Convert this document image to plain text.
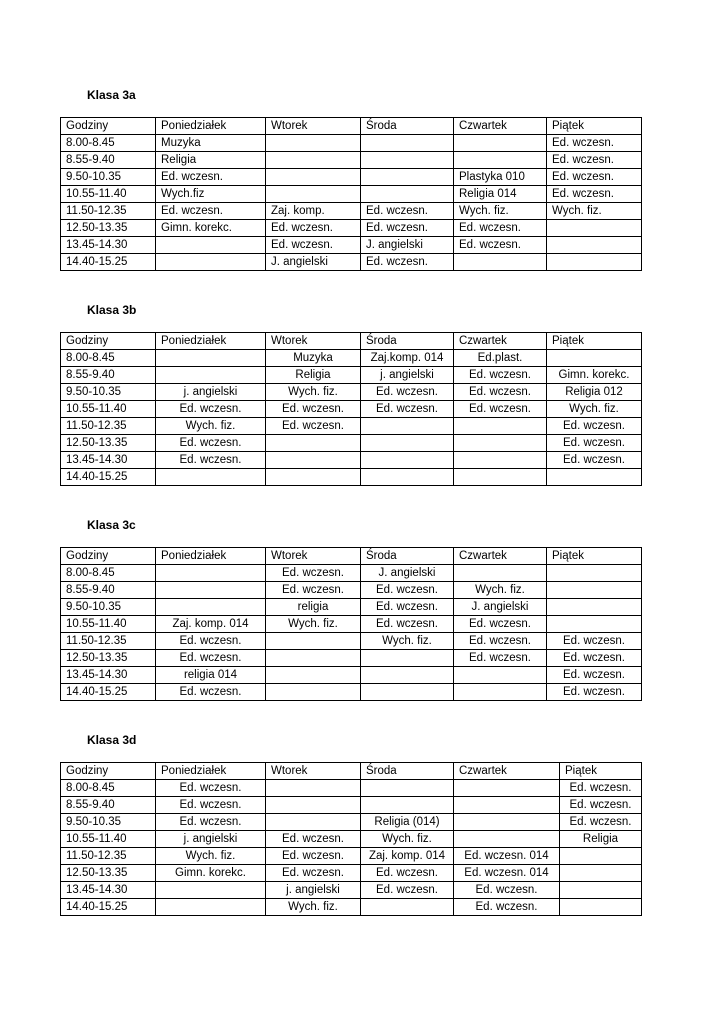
Klasa 3a
Godziny	Poniedziałek	Wtorek	Środa	Czwartek	Piątek
8.00-8.45	Muzyka				Ed. wczesn.
8.55-9.40	Religia				Ed. wczesn.
9.50-10.35	Ed. wczesn.			Plastyka 010	Ed. wczesn.
10.55-11.40	Wych.fiz			Religia 014	Ed. wczesn.
11.50-12.35	Ed. wczesn.	Zaj. komp.	Ed. wczesn.	Wych. fiz.	Wych. fiz.
12.50-13.35	Gimn. korekc.	Ed. wczesn.	Ed. wczesn.	Ed. wczesn.	
13.45-14.30		Ed. wczesn.	J. angielski	Ed. wczesn.	
14.40-15.25		J. angielski	Ed. wczesn.		
Klasa 3b
Godziny	Poniedziałek	Wtorek	Środa	Czwartek	Piątek
8.00-8.45		Muzyka	Zaj.komp. 014	Ed.plast.	
8.55-9.40		Religia	j. angielski	Ed. wczesn.	Gimn. korekc.
9.50-10.35	j. angielski	Wych. fiz.	Ed. wczesn.	Ed. wczesn.	Religia 012
10.55-11.40	Ed. wczesn.	Ed. wczesn.	Ed. wczesn.	Ed. wczesn.	Wych. fiz.
11.50-12.35	Wych. fiz.	Ed. wczesn.			Ed. wczesn.
12.50-13.35	Ed. wczesn.				Ed. wczesn.
13.45-14.30	Ed. wczesn.				Ed. wczesn.
14.40-15.25					
Klasa 3c
Godziny	Poniedziałek	Wtorek	Środa	Czwartek	Piątek
8.00-8.45		Ed. wczesn.	J. angielski		
8.55-9.40		Ed. wczesn.	Ed. wczesn.	Wych. fiz.	
9.50-10.35		religia	Ed. wczesn.	J. angielski	
10.55-11.40	Zaj. komp. 014	Wych. fiz.	Ed. wczesn.	Ed. wczesn.	
11.50-12.35	Ed. wczesn.		Wych. fiz.	Ed. wczesn.	Ed. wczesn.
12.50-13.35	Ed. wczesn.			Ed. wczesn.	Ed. wczesn.
13.45-14.30	religia 014				Ed. wczesn.
14.40-15.25	Ed. wczesn.				Ed. wczesn.
Klasa 3d
Godziny	Poniedziałek	Wtorek	Środa	Czwartek	Piątek
8.00-8.45	Ed. wczesn.				Ed. wczesn.
8.55-9.40	Ed. wczesn.				Ed. wczesn.
9.50-10.35	Ed. wczesn.		Religia (014)		Ed. wczesn.
10.55-11.40	j. angielski	Ed. wczesn.	Wych. fiz.		Religia
11.50-12.35	Wych. fiz.	Ed. wczesn.	Zaj. komp. 014	Ed. wczesn. 014	
12.50-13.35	Gimn. korekc.	Ed. wczesn.	Ed. wczesn.	Ed. wczesn. 014	
13.45-14.30		j. angielski	Ed. wczesn.	Ed. wczesn.	
14.40-15.25		Wych. fiz.		Ed. wczesn.	
